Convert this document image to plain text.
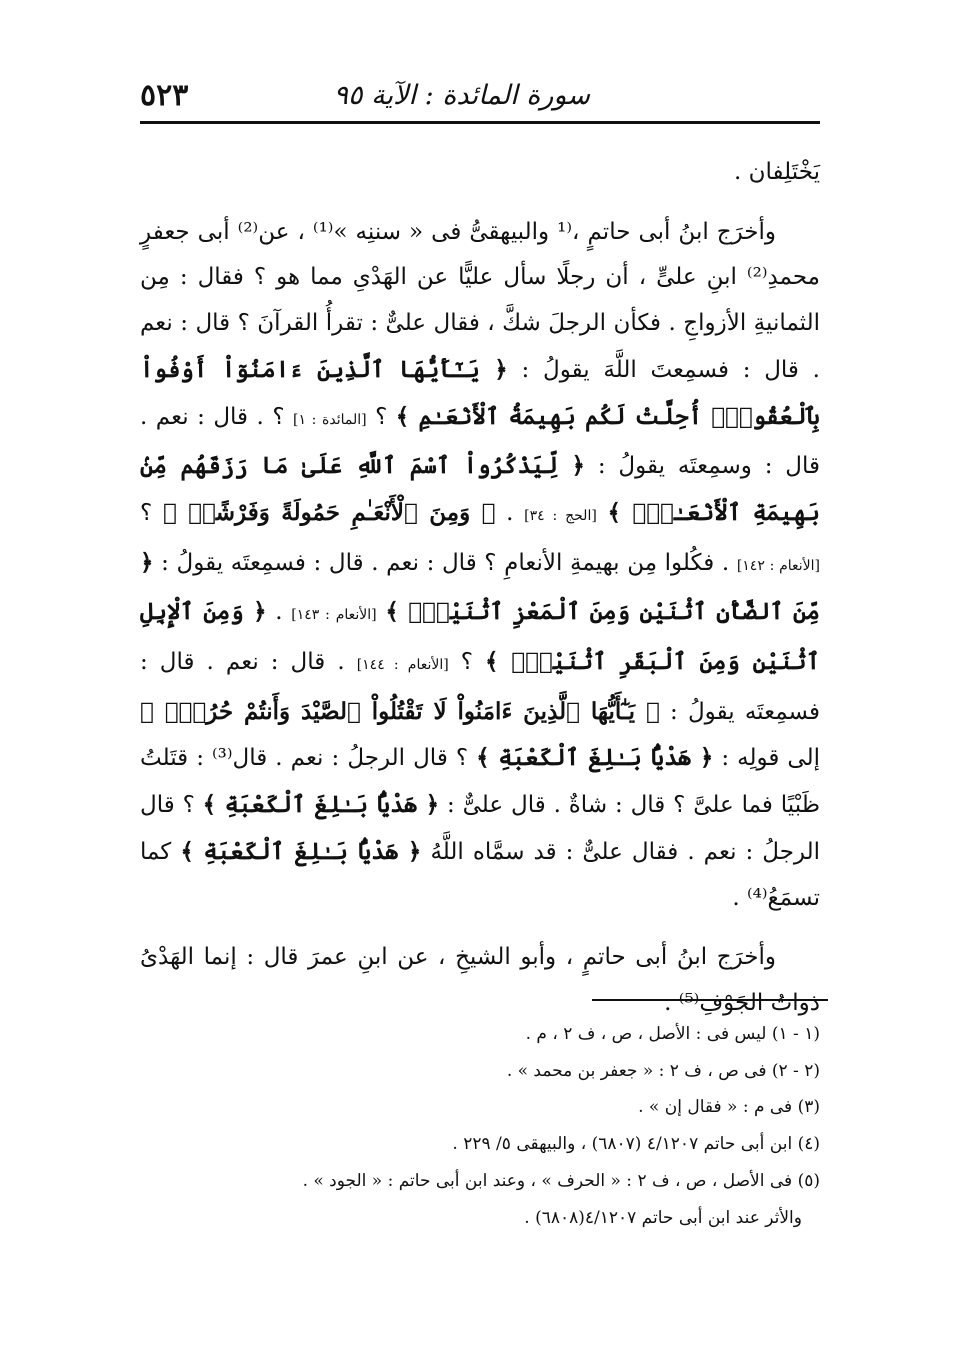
سورة المائدة : الآية ٩٥
٥٢٣

يَخْتَلِفان .

وأخرَج ابنُ أبى حاتمٍ ،⁽¹ والبيهقىُّ فى « سننِه »⁽¹⁾ ، عن⁽²⁾ أبى جعفرٍ محمدِ⁽²⁾ ابنِ علىٍّ ، أن رجلًا سأل عليًّا عن الهَدْىِ مما هو ؟ فقال : مِن الثمانيةِ الأزواجِ . فكأن الرجلَ شكَّ ، فقال علىٌّ : تقرأُ القرآنَ ؟ قال : نعم . قال : فسمِعتَ اللَّهَ يقولُ : ﴿ يَـٰٓأَيُّهَا ٱلَّذِينَ ءَامَنُوٓاْ أَوْفُواْ بِٱلْعُقُودِۚ أُحِلَّتْ لَكُم بَهِيمَةُ ٱلْأَنْعَـٰمِ ﴾ ؟ [المائدة : ١] ؟ . قال : نعم . قال : وسمِعتَه يقولُ : ﴿ لِّيَذْكُرُواْ ٱسْمَ ٱللَّهِ عَلَىٰ مَا رَزَقَهُم مِّنۢ بَهِيمَةِ ٱلْأَنْعَـٰمِۗ ﴾ [الحج : ٣٤] . ﴿ وَمِنَ ٱلْأَنْعَـٰمِ حَمُولَةً وَفَرْشًاۚ ﴾ ؟ [الأنعام : ١٤٢] . فكُلوا مِن بهيمةِ الأنعامِ ؟ قال : نعم . قال : فسمِعتَه يقولُ : ﴿ مِّنَ ٱلضَّأْنِ ٱثْنَيْنِ وَمِنَ ٱلْمَعْزِ ٱثْنَيْنِۗ ﴾ [الأنعام : ١٤٣] . ﴿ وَمِنَ ٱلْإِبِلِ ٱثْنَيْنِ وَمِنَ ٱلْبَقَرِ ٱثْنَيْنِۗ ﴾ ؟ [الأنعام : ١٤٤] . قال : نعم . قال : فسمِعتَه يقولُ : ﴿ يَـٰٓأَيُّهَا ٱلَّذِينَ ءَامَنُواْ لَا تَقْتُلُواْ ٱلصَّيْدَ وَأَنتُمْ حُرُمٌۚ ﴾ إلى قولِه : ﴿ هَدْيًۢا بَـٰلِغَ ٱلْكَعْبَةِ ﴾ ؟ قال الرجلُ : نعم . قال⁽³⁾ : قتَلتُ ظَبْيًا فما علىَّ ؟ قال : شاةٌ . قال علىٌّ : ﴿ هَدْيًۢا بَـٰلِغَ ٱلْكَعْبَةِ ﴾ ؟ قال الرجلُ : نعم . فقال علىٌّ : قد سمَّاه اللَّهُ ﴿ هَدْيًۢا بَـٰلِغَ ٱلْكَعْبَةِ ﴾ كما تسمَعُ⁽⁴⁾ .

وأخرَج ابنُ أبى حاتمٍ ، وأبو الشيخِ ، عن ابنِ عمرَ قال : إنما الهَدْىُ ذواتُ الجَوْفِ⁽⁵⁾ .

(١ - ١) ليس فى : الأصل ، ص ، ف ٢ ، م .

(٢ - ٢) فى ص ، ف ٢ : « جعفر بن محمد » .

(٣) فى م : « فقال إن » .

(٤) ابن أبى حاتم ٤/١٢٠٧ (٦٨٠٧) ، والبيهقى ٥/ ٢٢٩ .

(٥) فى الأصل ، ص ، ف ٢ : « الحرف » ، وعند ابن أبى حاتم : « الجود » .

والأثر عند ابن أبى حاتم ٤/١٢٠٧(٦٨٠٨) .
